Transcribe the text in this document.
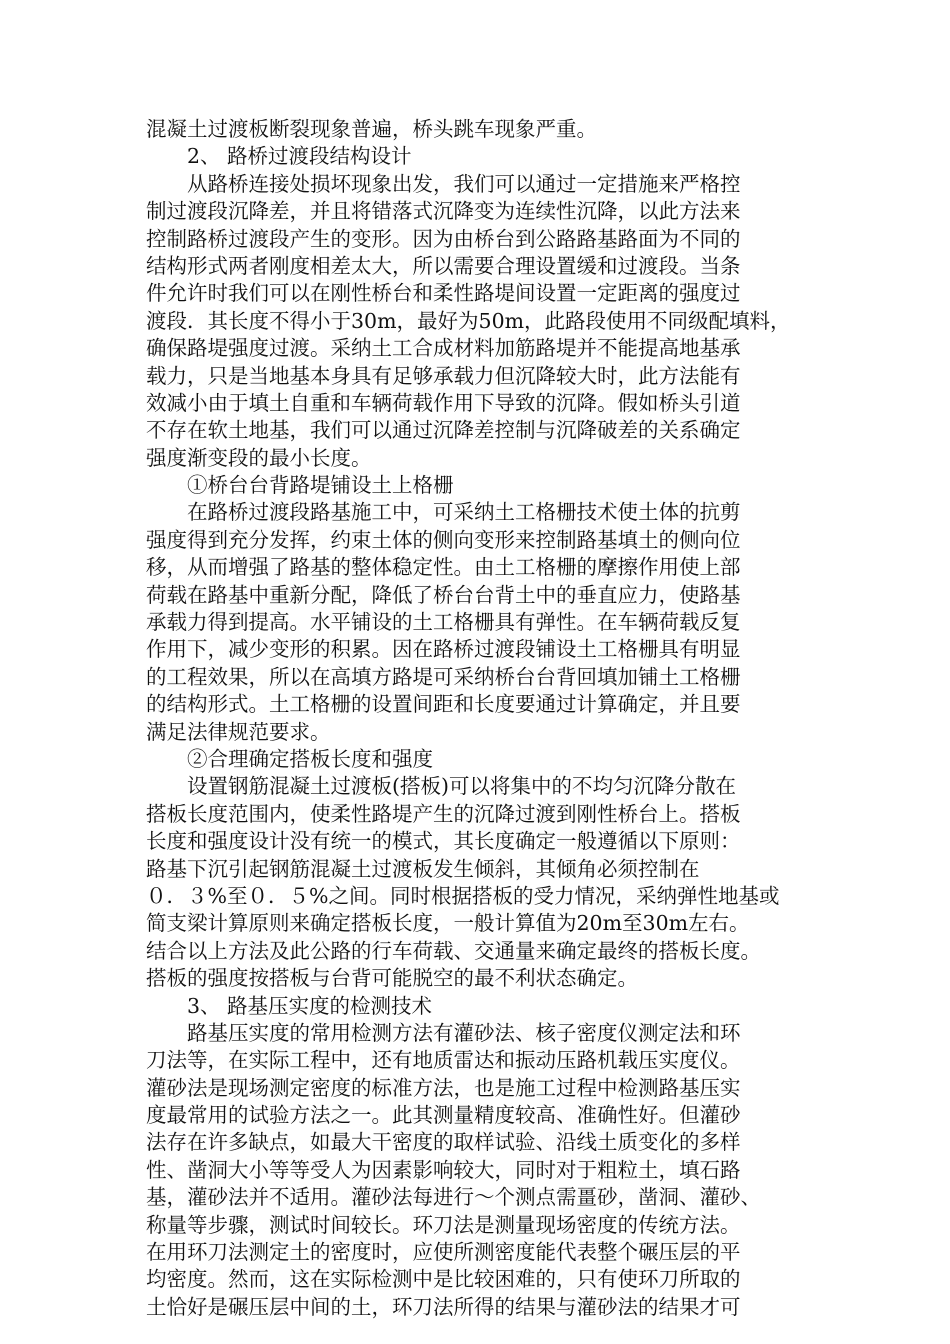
混凝土过渡板断裂现象普遍，桥头跳车现象严重。
　　2、 路桥过渡段结构设计
　　从路桥连接处损坏现象出发，我们可以通过一定措施来严格控
制过渡段沉降差，并且将错落式沉降变为连续性沉降，以此方法来
控制路桥过渡段产生的变形。因为由桥台到公路路基路面为不同的
结构形式两者刚度相差太大，所以需要合理设置缓和过渡段。当条
件允许时我们可以在刚性桥台和柔性路堤间设置一定距离的强度过
渡段．其长度不得小于30m，最好为50m，此路段使用不同级配填料，
确保路堤强度过渡。采纳土工合成材料加筋路堤并不能提高地基承
载力，只是当地基本身具有足够承载力但沉降较大时，此方法能有
效减小由于填土自重和车辆荷载作用下导致的沉降。假如桥头引道
不存在软土地基，我们可以通过沉降差控制与沉降破差的关系确定
强度渐变段的最小长度。
　　①桥台台背路堤铺设土上格栅
　　在路桥过渡段路基施工中，可采纳土工格栅技术使土体的抗剪
强度得到充分发挥，约束土体的侧向变形来控制路基填土的侧向位
移，从而增强了路基的整体稳定性。由土工格栅的摩擦作用使上部
荷载在路基中重新分配，降低了桥台台背土中的垂直应力，使路基
承载力得到提高。水平铺设的土工格栅具有弹性。在车辆荷载反复
作用下，减少变形的积累。因在路桥过渡段铺设土工格栅具有明显
的工程效果，所以在高填方路堤可采纳桥台台背回填加铺土工格栅
的结构形式。土工格栅的设置间距和长度要通过计算确定，并且要
满足法律规范要求。
　　②合理确定搭板长度和强度
　　设置钢筋混凝土过渡板(搭板)可以将集中的不均匀沉降分散在
搭板长度范围内，使柔性路堤产生的沉降过渡到刚性桥台上。搭板
长度和强度设计没有统一的模式，其长度确定一般遵循以下原则：
路基下沉引起钢筋混凝土过渡板发生倾斜，其倾角必须控制在
０．３%至０．５%之间。同时根据搭板的受力情况，采纳弹性地基或
简支梁计算原则来确定搭板长度，一般计算值为20m至30m左右。
结合以上方法及此公路的行车荷载、交通量来确定最终的搭板长度。
搭板的强度按搭板与台背可能脱空的最不利状态确定。
　　3、 路基压实度的检测技术
　　路基压实度的常用检测方法有灌砂法、核子密度仪测定法和环
刀法等，在实际工程中，还有地质雷达和振动压路机载压实度仪。
灌砂法是现场测定密度的标准方法，也是施工过程中检测路基压实
度最常用的试验方法之一。此其测量精度较高、准确性好。但灌砂
法存在许多缺点，如最大干密度的取样试验、沿线土质变化的多样
性、凿洞大小等等受人为因素影响较大，同时对于粗粒土，填石路
基，灌砂法并不适用。灌砂法每进行～个测点需畺砂，凿洞、灌砂、
称量等步骤，测试时间较长。环刀法是测量现场密度的传统方法。
在用环刀法测定土的密度时，应使所测密度能代表整个碾压层的平
均密度。然而，这在实际检测中是比较困难的，只有使环刀所取的
土恰好是碾压层中间的土，环刀法所得的结果与灌砂法的结果才可
